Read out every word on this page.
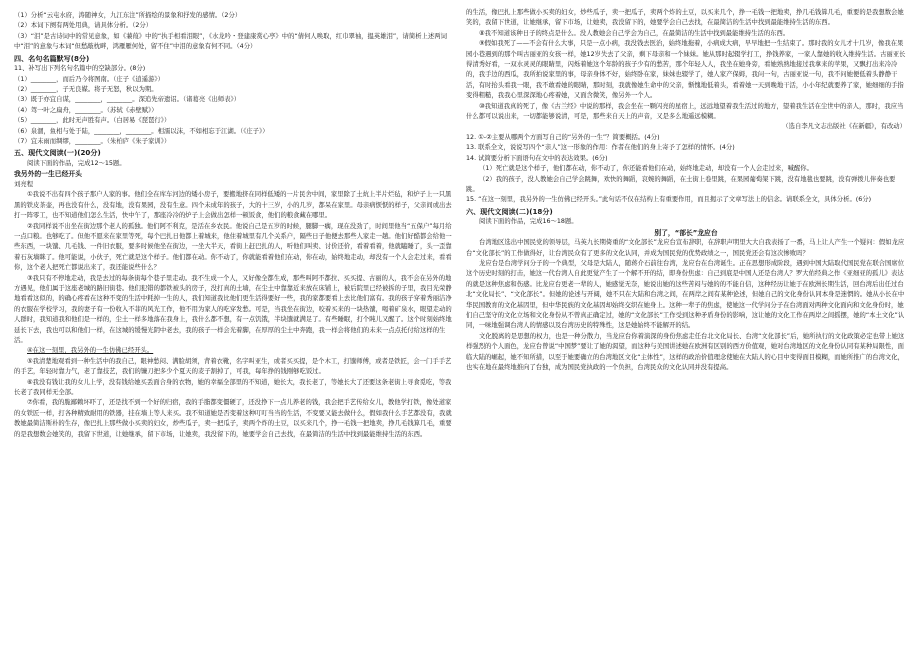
（1）分析“云屯水府，涛随神女，九江东注”所描绘的景象和抒发的感情。（2分）

（2）本词下阕有两处用典，请具体分析。（2分）

（3）“泪”是古诗词中的常见意象，如《蒹葭》中的“执手相看泪眼”，《水龙吟・登建康赏心亭》中的“倩何人唤取，红巾翠袖，揾英雄泪”，请简析上述两词中“泪”的意象与本词“但愁敲枕畔，鸿雁雁何处，留不住”中泪的意象有何不同。（4分）

四、名句名篇默写(8分)

11、补写出下列名句名篇中的空缺部分。(8分)

（1）________，而后乃今将图南。（庄子《逍遥游》）

（2）________，子无良媒。将子无怒，秋以为期。

（3）既于亦宜自谋，________，________。深追先帝遗诏。（诸葛亮《出师表》）

（4）驾一叶之扁舟，________。（苏轼《赤壁赋》）

（5）________，此时无声胜有声。（白居易《琵琶行》）

（6）泉涸，鱼相与处于陆，________，________。相濡以沫，不如相忘于江湖。（《庄子》）

（7）宜未雨而绸缪，________。（朱柏庐《朱子家训》）

五、现代文阅读(一)(20分)

阅读下面的作品，完成12～15题。

我另外的一生已经开头

刘亮程

①我说不出有四个孩子那户人家的事。他们全在库车河边的矮小房子，要搬地挤在同样低矮的一片民舍中间，家里除了土炕上半片烂毡，和炉子上一只黑黑的铁皮茶壶，再也没有什么，没有地，没有果园，没有生意。四个未成年的孩子，大的十三岁，小的几岁，都呆在家里。母亲病恹恹的样子，父亲间或出去打一阵零工，也不知道他们怎么生活，快中午了，那座冷冷的炉子上会做出怎样一顿饭食，他们的粮食藏在哪里。

②我同样说不出坐在街边那个老人的孤独。他们阿不利克，是活在乡农民。他说自己是五岁的时候，腿脚一瘸，现在没劲了，时间里他当“五保户”每月给一点口粮。也够吃了。但他不愿来在家里等死，每个巴扎日他都上着城来，他住着城里有几个关系户，隔些日子他便去那些人家走一趟。他们好酷都会给他一些东西，一块馕、几毛钱、一件旧衣服，要多时候他坐在街边，一坐大半天，看街上赶巴扎的人，听他们叫卖、讨价还价，看着看着，他就瞌睡了，头一歪靠着石灰墙眯了。他可能说，小伙子，死亡就是这个样子。他们都在动。你不动了，你就能看着他们在动，你在动，始终地走动，却没有一个人会走过来，看看你，这个老人把死亡都说出来了，我还能说些什么？

③我只有不停地走动，我是去过的每条街每个巷子里走动。我不生成一个人，又好像全都生成，那些叫阿不都拉、买买提、古丽的人，我不会在另外的地方遇见，他们属于这座老城的路旧街巷。他们犯错的都铁被头的房子，没打真的土墙，在尘土中靠靠近来放在床铺上，被后院里已经被拆的子里，我目光荣静地看看这似的，的确心疼看在这种不变的生活中耗掉一生的人，我们知道我比他们更生活得要好一些，我的家都要看上去比他们富有。我的孩子穿着秀丽洁净的衣服在学校学习，我的妻子有一份收入不菲的风光工作，他不用为家人的吃穿发愁。可是，当我坐在街边，咬着买来的一块热馕，喝着矿泉水，眼望走动的人群时，我知道我和他们是一样的，尘土一样多地落在我身上，我什么都不想，有一点饥饿，半块馕就满足了。有些睡眠，打个盹儿又醒了。这个时刻始终地延长下去，我也可以和他们一样，在这城的缓慢光阴中老去，我的孩子一样会光着脚，在厚厚的尘土中奔跑，我一样会将他们的未来一点点托付给这样的生活。

④在这一刻里，我另外的一生仿佛已经开头。

⑤我清楚地观看到一种生活中的我自己，眼神愁闷、满脸胡须，背着衣靴，名字叫亚生，或者买买提，是个木工，打馕师傅，或者是铁匠，会一门手手艺的手艺，年轻时靠力气，老了靠技艺，我们的镰刀把多少个夏天的麦子割掉了，可我，每年挣的钱刚够吃饭过。

⑥我没有钱让我的女儿上学，没有钱给她买丢面合身的衣物，她的幸福全部里的不知道，她长大，我长老了，等她长大了还要这条老街上寻食觅吃，等我长老了我同样无全部。

⑦你看，我的脆鄙赖坏吓了，还是找不到一个好的归宿，我的手脂都变僵硬了，还没挣下一点儿养老的钱，我会把手艺传给女儿，教他学打铁，像处道家的女铁匠一样，打各种精致耐用的铁器，挂在墙上等人来买。我不知道她是否变着这种叮叮当当的生活，不变要又能去做什么，假如我什么手艺都没有，我就教她最简洁斯朴的生存，像巴扎上那些做小买卖的妇女，炒些瓜子，卖一把瓜子，卖两个炸的土豆，以买来几个，挣一毛钱一把地卖，挣几毛钱算几毛，重要的是我想数会她笑的，我留下世道，让她继承，留下市场，让她卖，我没留下的，她要学会自己去找，在最简洁的生活中找到最能维持生活的东西。

的生活，像巴扎上那些做小买卖的妇女，炒些瓜子，卖一把瓜子，卖两个炸的土豆，以买来几个，挣一毛钱一把地卖，挣几毛钱算几毛，重要的是我想数会她笑的，我留下世道，让她继承，留下市场，让她卖，我没留下的，她要学会自己去找，在最简洁的生活中找到最能维持生活的东西。

⑧我不知道该种日子的终点是什么。没人教她会自己学会为自己，在最简洁的生活中找到最能维持生活的东西。

⑨假如我死了——不会有什么大事，只是一点小病，我没钱去医治，始终地拖着，小病成大病，早早地把一生结束了。那时我的女儿才十几岁，像我在果园小巷遇到的那个叫古丽亚的女孩一样，她12岁失去了父亲，剩下母亲和一个妹妹。她从那时起辍学打工，挣钱养家，一家人靠她的收入维持生活。古丽亚长得清秀好看，一双水灵灵的眼睛里，闪烁着她这个年龄的孩子少有的愁苦，那个年轻人人，我坐在她身旁，看她熟熟地接过我拿来的苹果，又飘打出来冷冷的，我手边的西瓜，我所拍说家里的事，母亲身体不好，始终卧在家，妹妹也辍学了，她人家产保姆，我问一句，古丽亚说一句，我不问她便低着头静静干活，有时抬头看我一眼，我不敢看她的眼睛，那时刻，我就像她生命中的父亲，惭愧地低着头，看着她一天到晚地干活，小小年纪就要养了家，她细细的手指变得粗糙，我我心里深深地心疼着她，又面含微笑，像另外一个人。

⑩我知道我真的死了，像《古兰经》中说的那样，我会坐在一颗闪亮的星宿上，远远地望着我生活过的地方，望着我生活在尘世中的亲人，那时，我应当什么都可以说出来，一切都能够说清，可是，那些来自天上的声音，又是多么地遥远模糊。

（选自李凡文志出版社《在新疆》，有改动）

12. ①-②主要从哪两个方面写自己的“另外的一生”？简要概括。(4分)

13. 联系全文，说说写四个“亲人”这一形象的作用：作者在他们的身上寄予了怎样的情怀。(4分)

14. 试简要分析下面语句在文中的表达效果。(6分)

（1）死亡就是这个样子，他们都在动，你不动了，你还能看他们在动，始终地走动，却没有一个人会走过来，喊醒你。

（2）我的孩子，没人教她会自己学会跳舞，欢快的舞蹈，哀婉的舞蹈，在土街上卷里跳，在果园葡萄架下跳，没有地毯也要跳，没有弹拨儿伴奏也要跳。

15. “在这一刻里，我另外的一生仿佛已经开头。”此句话不仅在结构上有重要作用，而且揭示了文章写法上的信念。请联系全文，具体分析。(6分)

六、现代文阅读(二)(18分)

阅读下面的作品，完成16～18题。

别了，“部长”龙应台

台湾地区选出中国民党的领导层，马英九长期倚重的“文化部长”龙应台宣布辞职，在辞职声明里大大自我表扬了一番，马上让人产生一个疑问：假如龙应台“文化部长”的工作做得好，让台湾民众有了更多的文化认同，并成为国民党的优势政绩之一，国民党还会有这次惨败吗？

龙应台是台湾学问分子的一个典型，父母是大陆人，随蒋介石前往台湾，龙应台在台湾诞生。正在思想形成阶段，遇到中国大陆取代国民党在联合国席位这个历史时刻的打击，她这一代台湾人自此更觉产生了一个解不开的结，即身份焦虑：自己到底是中国人还是台湾人？罗大佑经典之作《亚细亚的孤儿》表达的就是这种焦虑和伤感。比龙应台更老一辈的人，她感觉无奈，她说出她的这些苦闷与她的的不能自信，这种经历让她于在欧洲长期生活，回台湾后出任过台北“文化局长”、“文化部长”。但她的论述与开阔，她不只在大陆和台湾之间，在两岸之间有某种论述，但她自己的文化身份认同本身是迷惘的。她从小长在中华民国教育的文化基因里，但中华民族的文化基因却始终交织在她身上。这种一辈子的焦虑，使她这一代学问分子在台湾面对两种文化面向和文化身份时，她们自己坚守的文化立场和文化身份从不曾真正确定过，她的“文化部长”工作受到这种矛盾身份的影响，这让她的文化工作在两岸之间摇摆，她的“本土文化”认同，一味地强调台湾人的情感以及台湾历史的特殊性，这是她始终不能解开的结。

文化脱离的是思想的权力，也是一种分散力，当龙应台你着演深的身份焦虑走任台北文化局长、台湾“文化部长”后，她所执行的文化政策必定也带上她这样强烈的个人面色，龙应台曾说“中国梦”要让了她的渴望，而这种与美国讲述她在欧洲有区别的西方价值观，她对台湾地区的文化身份认同有某种局限性，面临大陆的崛起，她不知所措，以至于她要确立的台湾地区文化“主体性”，这样的政治价值理念使她在大陆人的心目中变得面目模糊，而她所推广的台湾文化，也实在地在最终地推向了台独，成为国民党执政的一个负担，台湾民众的文化认同并没有提高。
